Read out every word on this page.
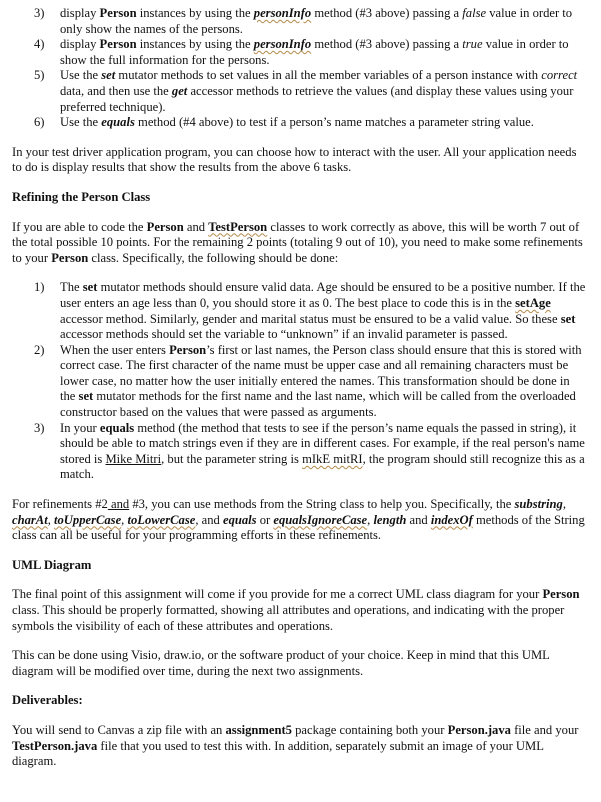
3) display Person instances by using the personInfo method (#3 above) passing a false value in order to only show the names of the persons.
4) display Person instances by using the personInfo method (#3 above) passing a true value in order to show the full information for the persons.
5) Use the set mutator methods to set values in all the member variables of a person instance with correct data, and then use the get accessor methods to retrieve the values (and display these values using your preferred technique).
6) Use the equals method (#4 above) to test if a person’s name matches a parameter string value.

In your test driver application program, you can choose how to interact with the user. All your application needs to do is display results that show the results from the above 6 tasks.

Refining the Person Class

If you are able to code the Person and TestPerson classes to work correctly as above, this will be worth 7 out of the total possible 10 points. For the remaining 2 points (totaling 9 out of 10), you need to make some refinements to your Person class. Specifically, the following should be done:

1) The set mutator methods should ensure valid data. Age should be ensured to be a positive number. If the user enters an age less than 0, you should store it as 0. The best place to code this is in the setAge accessor method. Similarly, gender and marital status must be ensured to be a valid value. So these set accessor methods should set the variable to “unknown” if an invalid parameter is passed.
2) When the user enters Person’s first or last names, the Person class should ensure that this is stored with correct case. The first character of the name must be upper case and all remaining characters must be lower case, no matter how the user initially entered the names. This transformation should be done in the set mutator methods for the first name and the last name, which will be called from the overloaded constructor based on the values that were passed as arguments.
3) In your equals method (the method that tests to see if the person’s name equals the passed in string), it should be able to match strings even if they are in different cases. For example, if the real person's name stored is Mike Mitri, but the parameter string is mIkE mitRI, the program should still recognize this as a match.

For refinements #2 and #3, you can use methods from the String class to help you. Specifically, the substring, charAt, toUpperCase, toLowerCase, and equals or equalsIgnoreCase, length and indexOf methods of the String class can all be useful for your programming efforts in these refinements.

UML Diagram

The final point of this assignment will come if you provide for me a correct UML class diagram for your Person class. This should be properly formatted, showing all attributes and operations, and indicating with the proper symbols the visibility of each of these attributes and operations.

This can be done using Visio, draw.io, or the software product of your choice. Keep in mind that this UML diagram will be modified over time, during the next two assignments.

Deliverables:

You will send to Canvas a zip file with an assignment5 package containing both your Person.java file and your TestPerson.java file that you used to test this with. In addition, separately submit an image of your UML diagram.
